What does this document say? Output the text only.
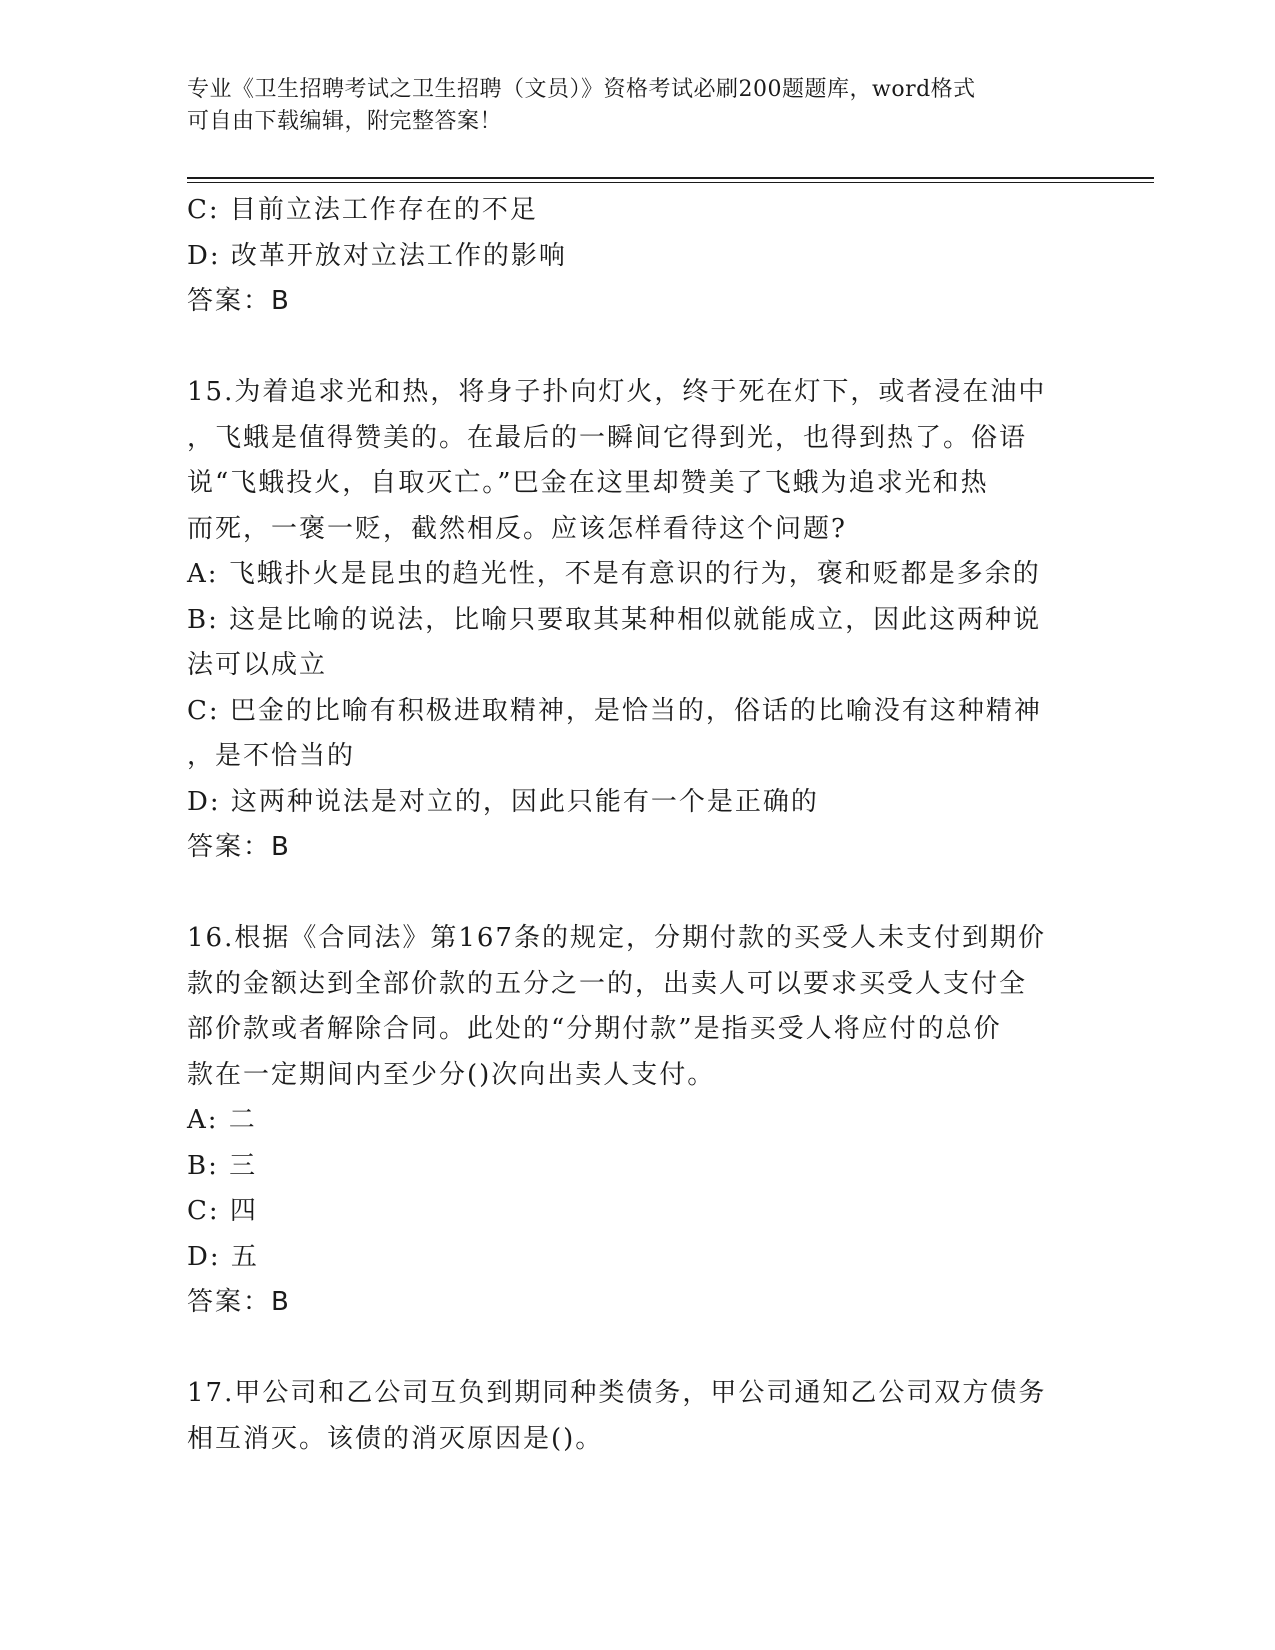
专业《卫生招聘考试之卫生招聘（文员）》资格考试必刷200题题库，word格式
可自由下载编辑，附完整答案！
C: 目前立法工作存在的不足
D: 改革开放对立法工作的影响
答案：B
15.为着追求光和热，将身子扑向灯火，终于死在灯下，或者浸在油中
，飞蛾是值得赞美的。在最后的一瞬间它得到光，也得到热了。俗语
说“飞蛾投火，自取灭亡。”巴金在这里却赞美了飞蛾为追求光和热
而死，一褒一贬，截然相反。应该怎样看待这个问题?
A: 飞蛾扑火是昆虫的趋光性，不是有意识的行为，褒和贬都是多余的
B: 这是比喻的说法，比喻只要取其某种相似就能成立，因此这两种说
法可以成立
C: 巴金的比喻有积极进取精神，是恰当的，俗话的比喻没有这种精神
，是不恰当的
D: 这两种说法是对立的，因此只能有一个是正确的
答案：B
16.根据《合同法》第167条的规定，分期付款的买受人未支付到期价
款的金额达到全部价款的五分之一的，出卖人可以要求买受人支付全
部价款或者解除合同。此处的“分期付款”是指买受人将应付的总价
款在一定期间内至少分()次向出卖人支付。
A: 二
B: 三
C: 四
D: 五
答案：B
17.甲公司和乙公司互负到期同种类债务，甲公司通知乙公司双方债务
相互消灭。该债的消灭原因是()。
